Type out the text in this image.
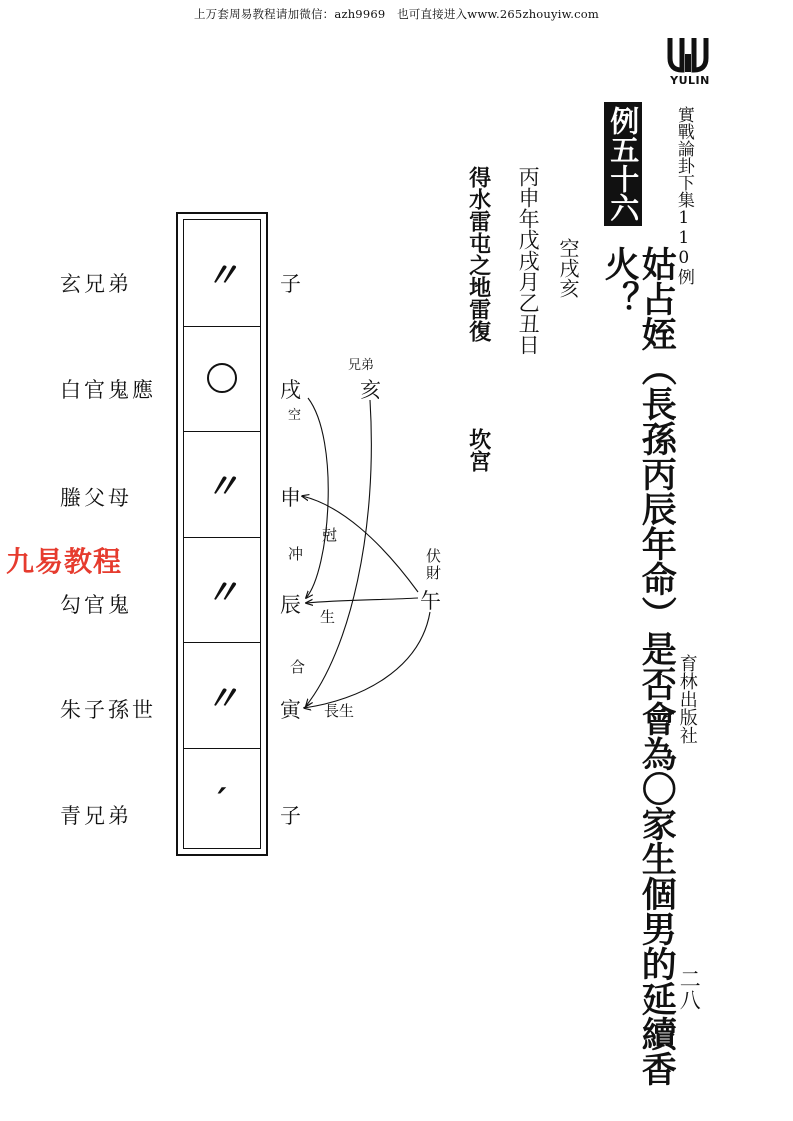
上万套周易教程请加微信：azh9969　也可直接进入www.265zhouyiw.com
YULIN
實戰論卦下集110例
例五十六
姑占姪（長孫丙辰年命）是否會為〇家生個男的延續香火？
空戌亥
丙申年戊戌月乙丑日
得水雷屯之地雷復
坎宮
育林出版社
二八
九易教程
〃
〃
〃
〃
′
玄兄弟
白官鬼應
螣父母
勾官鬼
朱子孫世
青兄弟
子
戌
空
申
辰
寅
子
兄弟
亥
伏財
午
冲
尅
生
合
長生
